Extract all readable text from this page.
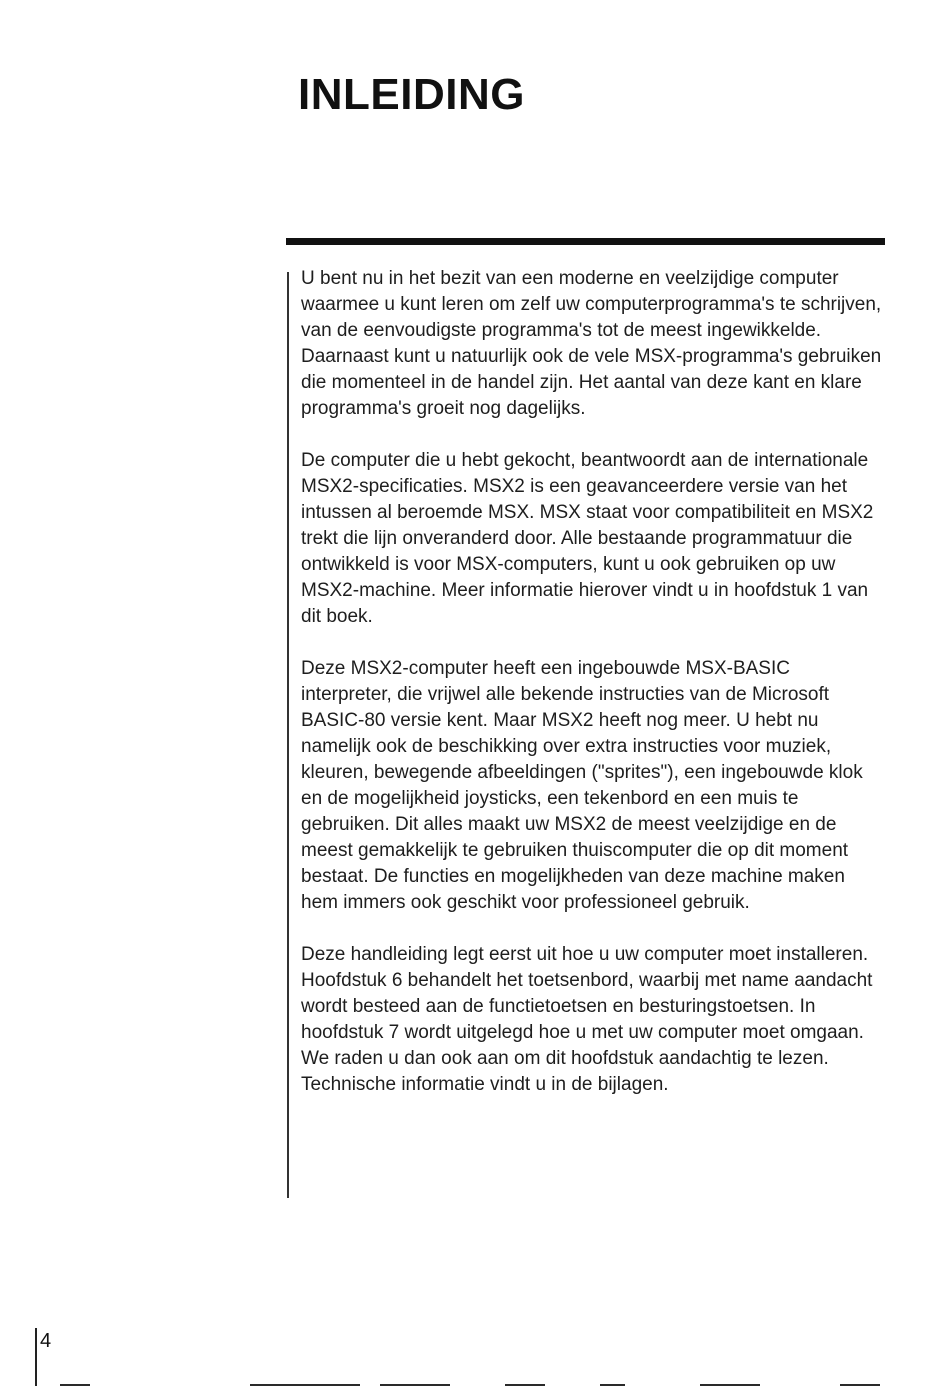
INLEIDING

U bent nu in het bezit van een moderne en veelzijdige computer waarmee u kunt leren om zelf uw computerprogramma's te schrijven, van de eenvoudigste programma's tot de meest ingewikkelde. Daarnaast kunt u natuurlijk ook de vele MSX-programma's gebruiken die momenteel in de handel zijn. Het aantal van deze kant en klare programma's groeit nog dagelijks.

De computer die u hebt gekocht, beantwoordt aan de internationale MSX2-specificaties. MSX2 is een geavanceerdere versie van het intussen al beroemde MSX. MSX staat voor compatibiliteit en MSX2 trekt die lijn onveranderd door. Alle bestaande programmatuur die ontwikkeld is voor MSX-computers, kunt u ook gebruiken op uw MSX2-machine. Meer informatie hierover vindt u in hoofdstuk 1 van dit boek.

Deze MSX2-computer heeft een ingebouwde MSX-BASIC interpreter, die vrijwel alle bekende instructies van de Microsoft BASIC-80 versie kent. Maar MSX2 heeft nog meer. U hebt nu namelijk ook de beschikking over extra instructies voor muziek, kleuren, bewegende afbeeldingen ("sprites"), een ingebouwde klok en de mogelijkheid joysticks, een tekenbord en een muis te gebruiken. Dit alles maakt uw MSX2 de meest veelzijdige en de meest gemakkelijk te gebruiken thuiscomputer die op dit moment bestaat. De functies en mogelijkheden van deze machine maken hem immers ook geschikt voor professioneel gebruik.

Deze handleiding legt eerst uit hoe u uw computer moet installeren. Hoofdstuk 6 behandelt het toetsenbord, waarbij met name aandacht wordt besteed aan de functietoetsen en besturingstoetsen. In hoofdstuk 7 wordt uitgelegd hoe u met uw computer moet omgaan. We raden u dan ook aan om dit hoofdstuk aandachtig te lezen. Technische informatie vindt u in de bijlagen.

4
